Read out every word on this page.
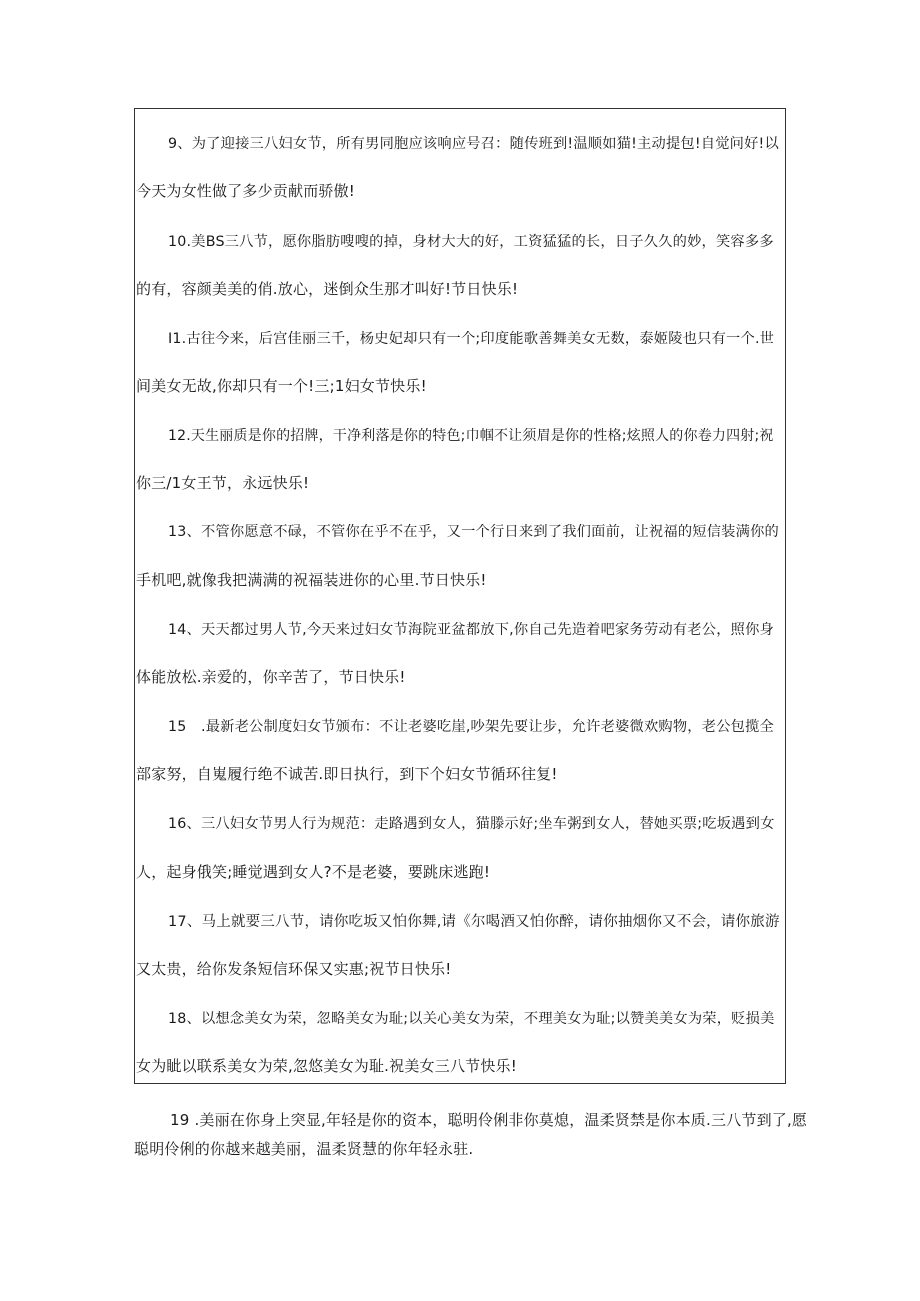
9、为了迎接三八妇女节，所有男同胞应该响应号召：随传班到!温顺如猫!主动提包!自觉问好!以
今天为女性做了多少贡献而骄傲!
10.美BS三八节，愿你脂肪嗖嗖的掉，身材大大的好，工资猛猛的长，日子久久的妙，笑容多多
的有，容颜美美的俏.放心，迷倒众生那才叫好!节日快乐!
I1.古往今来，后宫佳丽三千，杨史妃却只有一个;印度能歌善舞美女无数，泰姬陵也只有一个.世
间美女无故,你却只有一个!三;1妇女节快乐!
12.天生丽质是你的招牌，干净利落是你的特色;巾帼不让须眉是你的性格;炫照人的你卷力四射;祝
你三/1女王节，永远快乐!
13、不管你愿意不碌，不管你在乎不在乎，又一个行日来到了我们面前，让祝福的短信装满你的
手机吧,就像我把满满的祝福装进你的心里.节日快乐!
14、天天都过男人节,今天来过妇女节海院亚盆都放下,你自己先造着吧家务劳动有老公，照你身
体能放松.亲爱的，你辛苦了，节日快乐!
15　.最新老公制度妇女节颁布：不让老婆吃崖,吵架先要让步，允许老婆微欢购物，老公包揽全
部家努，自嵬履行绝不诚苦.即日执行，到下个妇女节循环往复!
16、三八妇女节男人行为规范：走路遇到女人，猫滕示好;坐车粥到女人，替她买票;吃坂遇到女
人，起身俄笑;睡觉遇到女人?不是老婆，要跳床逃跑!
17、马上就要三八节，请你吃坂又怕你舞,请《尔喝酒又怕你醉，请你抽烟你又不会，请你旅游
又太贵，给你发条短信环保又实惠;祝节日快乐!
18、以想念美女为荣，忽略美女为耻;以关心美女为荣，不理美女为耻;以赞美美女为荣，贬损美
女为眦以联系美女为荣,忽悠美女为耻.祝美女三八节快乐!
19 .美丽在你身上突显,年轻是你的资本，聪明伶俐非你莫熄，温柔贤禁是你本质.三八节到了,愿
聪明伶俐的你越来越美丽，温柔贤慧的你年轻永驻.
